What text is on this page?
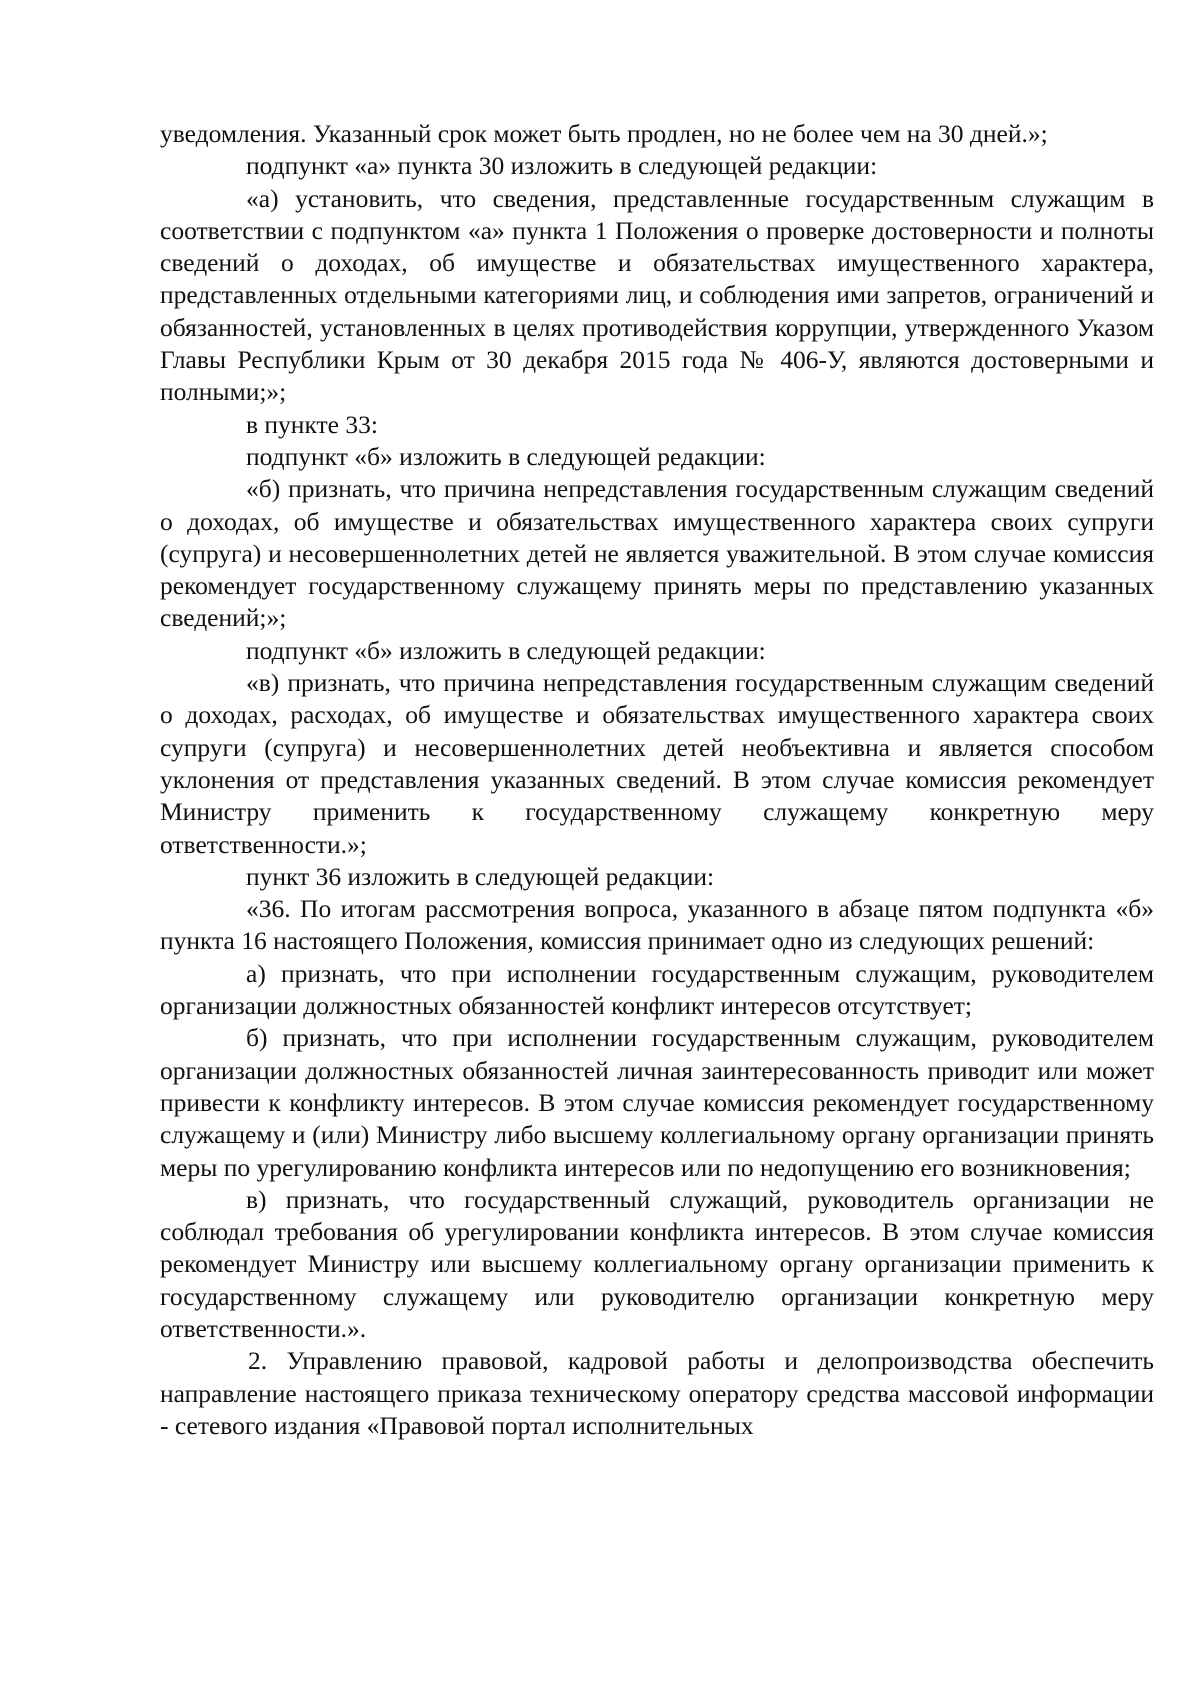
уведомления. Указанный срок может быть продлен, но не более чем на 30 дней.»;

подпункт «а» пункта 30 изложить в следующей редакции:

«а) установить, что сведения, представленные государственным служащим в соответствии с подпунктом «а» пункта 1 Положения о проверке достоверности и полноты сведений о доходах, об имуществе и обязательствах имущественного характера, представленных отдельными категориями лиц, и соблюдения ими запретов, ограничений и обязанностей, установленных в целях противодействия коррупции, утвержденного Указом Главы Республики Крым от 30 декабря 2015 года № 406-У, являются достоверными и полными;»;

в пункте 33:

подпункт «б» изложить в следующей редакции:

«б) признать, что причина непредставления государственным служащим сведений о доходах, об имуществе и обязательствах имущественного характера своих супруги (супруга) и несовершеннолетних детей не является уважительной. В этом случае комиссия рекомендует государственному служащему принять меры по представлению указанных сведений;»;

подпункт «б» изложить в следующей редакции:

«в) признать, что причина непредставления государственным служащим сведений о доходах, расходах, об имуществе и обязательствах имущественного характера своих супруги (супруга) и несовершеннолетних детей необъективна и является способом уклонения от представления указанных сведений. В этом случае комиссия рекомендует Министру применить к государственному служащему конкретную меру ответственности.»;

пункт 36 изложить в следующей редакции:

«36. По итогам рассмотрения вопроса, указанного в абзаце пятом подпункта «б» пункта 16 настоящего Положения, комиссия принимает одно из следующих решений:

а) признать, что при исполнении государственным служащим, руководителем организации должностных обязанностей конфликт интересов отсутствует;

б) признать, что при исполнении государственным служащим, руководителем организации должностных обязанностей личная заинтересованность приводит или может привести к конфликту интересов. В этом случае комиссия рекомендует государственному служащему и (или) Министру либо высшему коллегиальному органу организации принять меры по урегулированию конфликта интересов или по недопущению его возникновения;

в) признать, что государственный служащий, руководитель организации не соблюдал требования об урегулировании конфликта интересов. В этом случае комиссия рекомендует Министру или высшему коллегиальному органу организации применить к государственному служащему или руководителю организации конкретную меру ответственности.».

2. Управлению правовой, кадровой работы и делопроизводства обеспечить направление настоящего приказа техническому оператору средства массовой информации - сетевого издания «Правовой портал исполнительных
